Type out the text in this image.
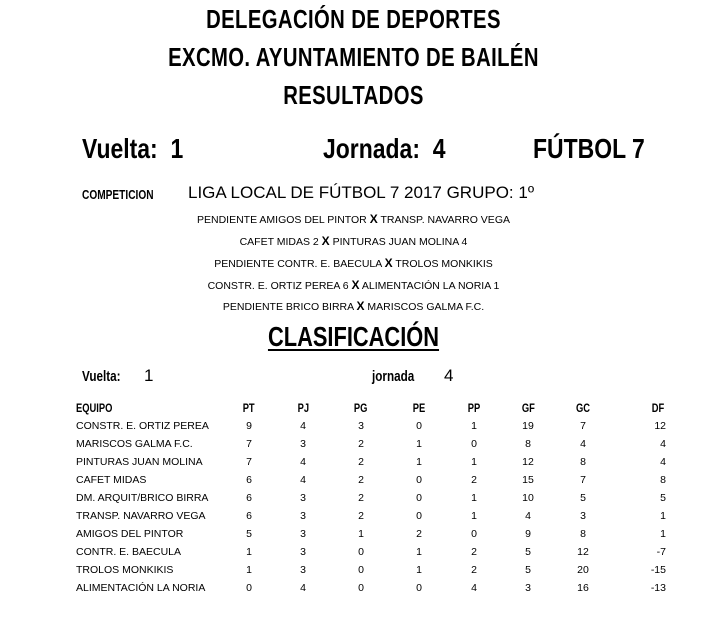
DELEGACIÓN DE DEPORTES
EXCMO. AYUNTAMIENTO DE BAILÉN
RESULTADOS
Vuelta: 1	Jornada: 4	FÚTBOL 7
COMPETICION LIGA LOCAL DE FÚTBOL 7 2017 GRUPO: 1º
PENDIENTE AMIGOS DEL PINTOR X TRANSP. NAVARRO VEGA
CAFET MIDAS 2 X PINTURAS JUAN MOLINA 4
PENDIENTE CONTR. E. BAECULA X TROLOS MONKIKIS
CONSTR. E. ORTIZ PEREA 6 X ALIMENTACIÓN LA NORIA 1
PENDIENTE BRICO BIRRA X MARISCOS GALMA F.C.
CLASIFICACIÓN
Vuelta: 1	jornada 4
EQUIPO	PT	PJ	PG	PE	PP	GF	GC	DF
CONSTR. E. ORTIZ PEREA	9	4	3	0	1	19	7	12
MARISCOS GALMA F.C.	7	3	2	1	0	8	4	4
PINTURAS JUAN MOLINA	7	4	2	1	1	12	8	4
CAFET MIDAS	6	4	2	0	2	15	7	8
DM. ARQUIT/BRICO BIRRA	6	3	2	0	1	10	5	5
TRANSP. NAVARRO VEGA	6	3	2	0	1	4	3	1
AMIGOS DEL PINTOR	5	3	1	2	0	9	8	1
CONTR. E. BAECULA	1	3	0	1	2	5	12	-7
TROLOS MONKIKIS	1	3	0	1	2	5	20	-15
ALIMENTACIÓN LA NORIA	0	4	0	0	4	3	16	-13
